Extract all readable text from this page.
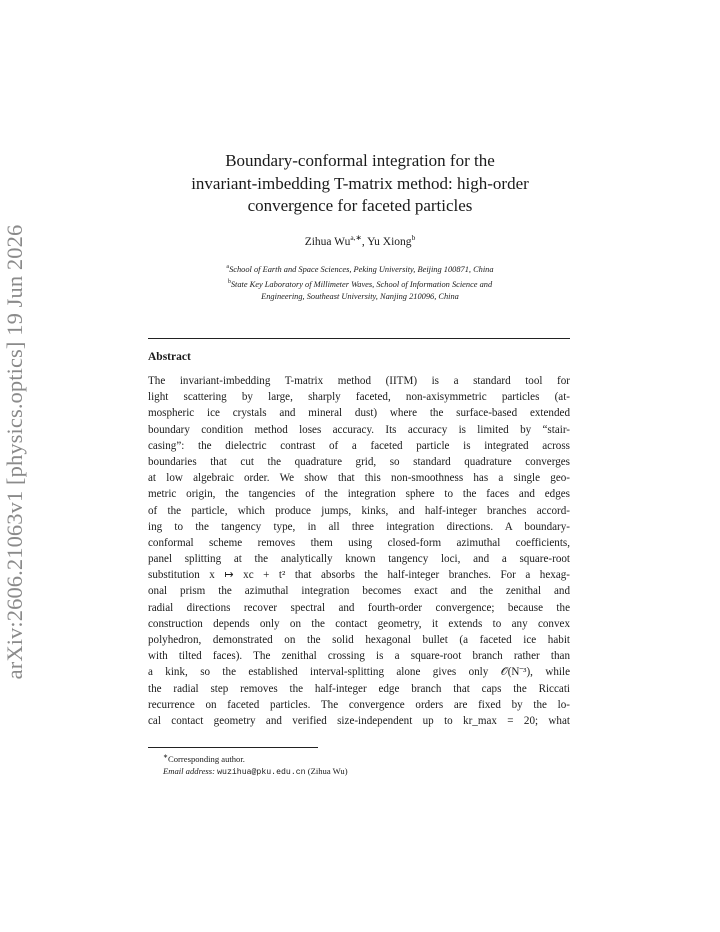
arXiv:2606.21063v1 [physics.optics] 19 Jun 2026
Boundary-conformal integration for the
invariant-imbedding T-matrix method: high-order
convergence for faceted particles
Zihua $Wu^{a,∗}$, Yu Xiong$^b$
$^a$School of Earth and Space Sciences, Peking University, Beijing 100871, China
$^b$State Key Laboratory of Millimeter Waves, School of Information Science and
Engineering, Southeast University, Nanjing 210096, China
Abstract
The invariant-imbedding T-matrix method (IITM) is a standard tool for
light scattering by large, sharply faceted, non-axisymmetric particles (at-
mospheric ice crystals and mineral dust) where the surface-based extended
boundary condition method loses accuracy. Its accuracy is limited by “stair-
casing”: the dielectric contrast of a faceted particle is integrated across
boundaries that cut the quadrature grid, so standard quadrature converges
at low algebraic order. We show that this non-smoothness has a single geo-
metric origin, the tangencies of the integration sphere to the faces and edges
of the particle, which produce jumps, kinks, and half-integer branches accord-
ing to the tangency type, in all three integration directions. A boundary-
conformal scheme removes them using closed-form azimuthal coefficients,
panel splitting at the analytically known tangency loci, and a square-root
substitution x ↦ xc + t² that absorbs the half-integer branches. For a hexag-
onal prism the azimuthal integration becomes exact and the zenithal and
radial directions recover spectral and fourth-order convergence; because the
construction depends only on the contact geometry, it extends to any convex
polyhedron, demonstrated on the solid hexagonal bullet (a faceted ice habit
with tilted faces). The zenithal crossing is a square-root branch rather than
a kink, so the established interval-splitting alone gives only 𝒪(N⁻³), while
the radial step removes the half-integer edge branch that caps the Riccati
recurrence on faceted particles. The convergence orders are fixed by the lo-
cal contact geometry and verified size-independent up to kr_max = 20; what
∗Corresponding author.
Email address: wuzihua@pku.edu.cn (Zihua Wu)
